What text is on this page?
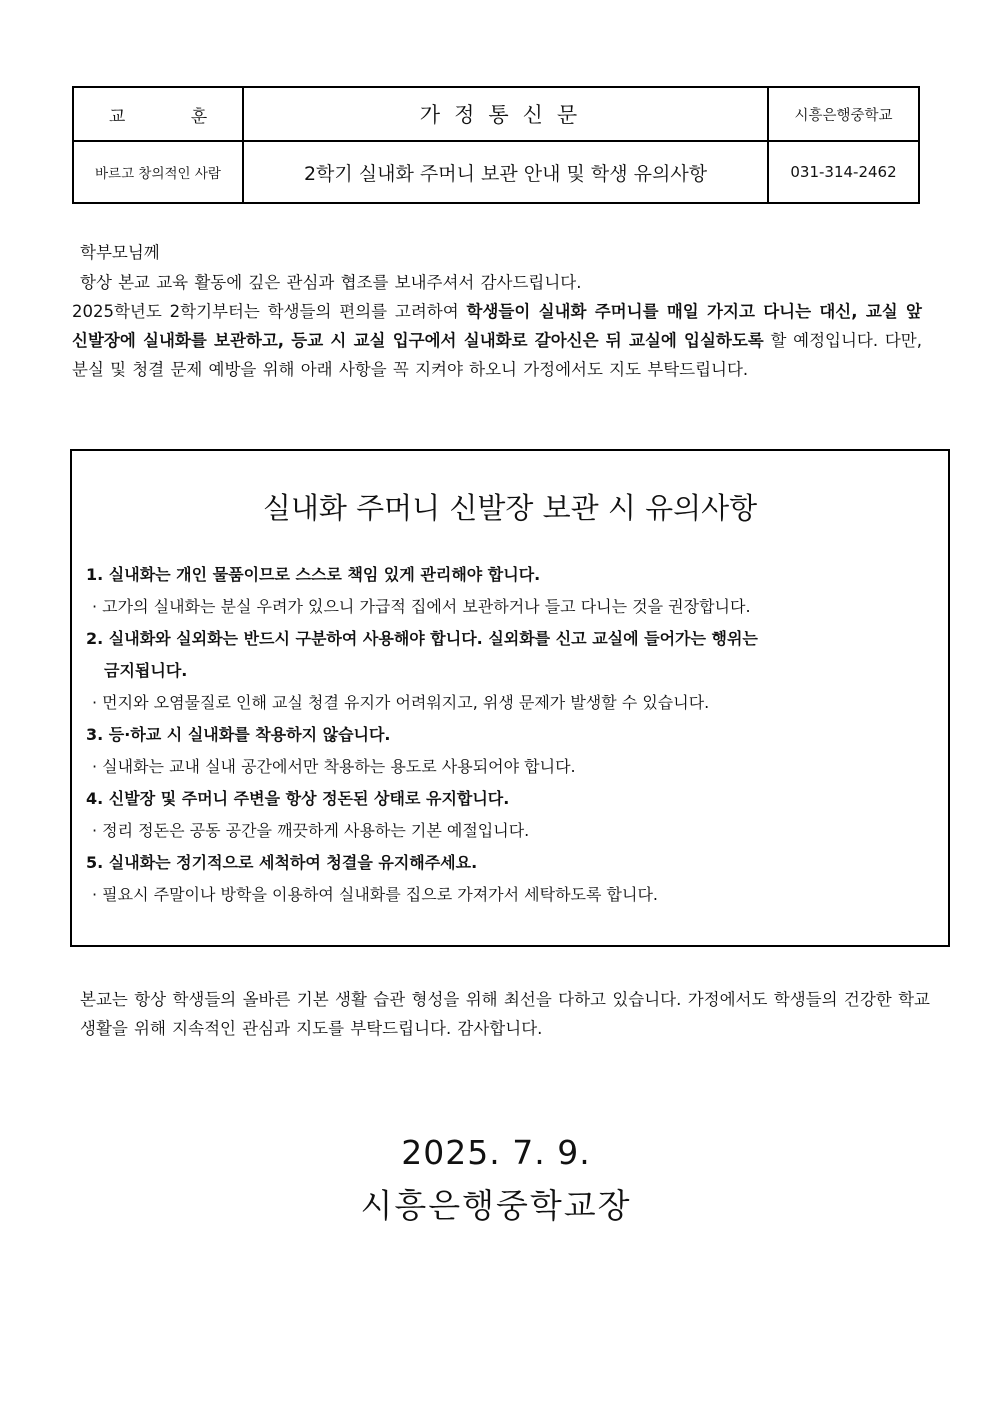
교 훈	가정통신문	시흥은행중학교
바르고 창의적인 사람	2학기 실내화 주머니 보관 안내 및 학생 유의사항	031-314-2462
학부모님께

항상 본교 교육 활동에 깊은 관심과 협조를 보내주셔서 감사드립니다.

2025학년도 2학기부터는 학생들의 편의를 고려하여 학생들이 실내화 주머니를 매일 가지고 다니는 대신, 교실 앞 신발장에 실내화를 보관하고, 등교 시 교실 입구에서 실내화로 갈아신은 뒤 교실에 입실하도록 할 예정입니다. 다만, 분실 및 청결 문제 예방을 위해 아래 사항을 꼭 지켜야 하오니 가정에서도 지도 부탁드립니다.

실내화 주머니 신발장 보관 시 유의사항

1. 실내화는 개인 물품이므로 스스로 책임 있게 관리해야 합니다.

· 고가의 실내화는 분실 우려가 있으니 가급적 집에서 보관하거나 들고 다니는 것을 권장합니다.

2. 실내화와 실외화는 반드시 구분하여 사용해야 합니다. 실외화를 신고 교실에 들어가는 행위는
금지됩니다.

· 먼지와 오염물질로 인해 교실 청결 유지가 어려워지고, 위생 문제가 발생할 수 있습니다.

3. 등·하교 시 실내화를 착용하지 않습니다.

· 실내화는 교내 실내 공간에서만 착용하는 용도로 사용되어야 합니다.

4. 신발장 및 주머니 주변을 항상 정돈된 상태로 유지합니다.

· 정리 정돈은 공동 공간을 깨끗하게 사용하는 기본 예절입니다.

5. 실내화는 정기적으로 세척하여 청결을 유지해주세요.

· 필요시 주말이나 방학을 이용하여 실내화를 집으로 가져가서 세탁하도록 합니다.

본교는 항상 학생들의 올바른 기본 생활 습관 형성을 위해 최선을 다하고 있습니다. 가정에서도 학생들의 건강한 학교 생활을 위해 지속적인 관심과 지도를 부탁드립니다. 감사합니다.
2025. 7. 9.
시흥은행중학교장
